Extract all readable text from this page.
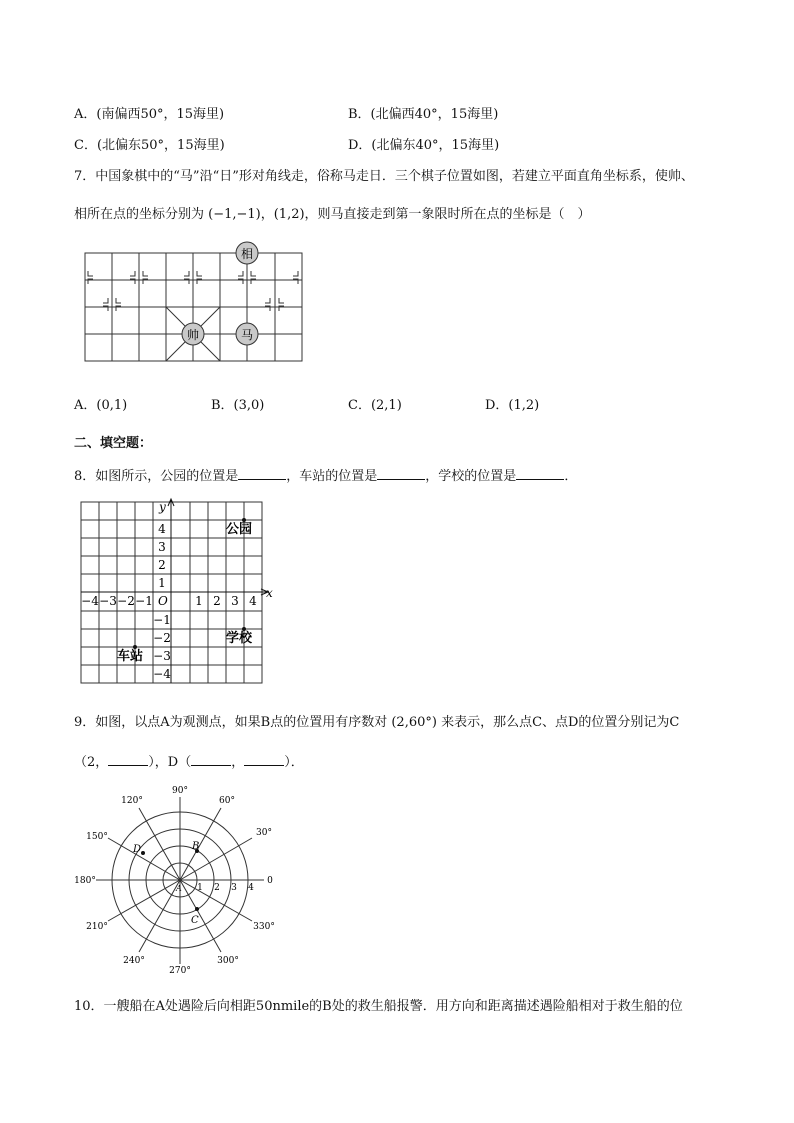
A．(南偏西50°，15海里)	B．(北偏西40°，15海里)
C．(北偏东50°，15海里)	D．(北偏东40°，15海里)
7．中国象棋中的“马”沿“日”形对角线走，俗称马走日．三个棋子位置如图，若建立平面直角坐标系，使帅、
相所在点的坐标分别为 (−1,−1)，(1,2)，则马直接走到第一象限时所在点的坐标是（　）
相
帅	马
A．(0,1)	B．(3,0)	C．(2,1)	D．(1,2)
二、填空题：
8．如图所示，公园的位置是	，车站的位置是	，学校的位置是	．
y
x
O
−4 −3 −2 −1	1 2 3 4
4
3
2
1
−1
−2
−3
−4
公园
学校
车站
9．如图，以点A为观测点，如果B点的位置用有序数对 (2,60°) 来表示，那么点C、点D的位置分别记为C
（2，	），D（	，	）．
90°
60°
30°
0
330°
300°
270°
240°
210°
180°
150°
120°
1 2 3 4
A
B
C
D
10．一艘船在A处遇险后向相距50nmile的B处的救生船报警．用方向和距离描述遇险船相对于救生船的位
